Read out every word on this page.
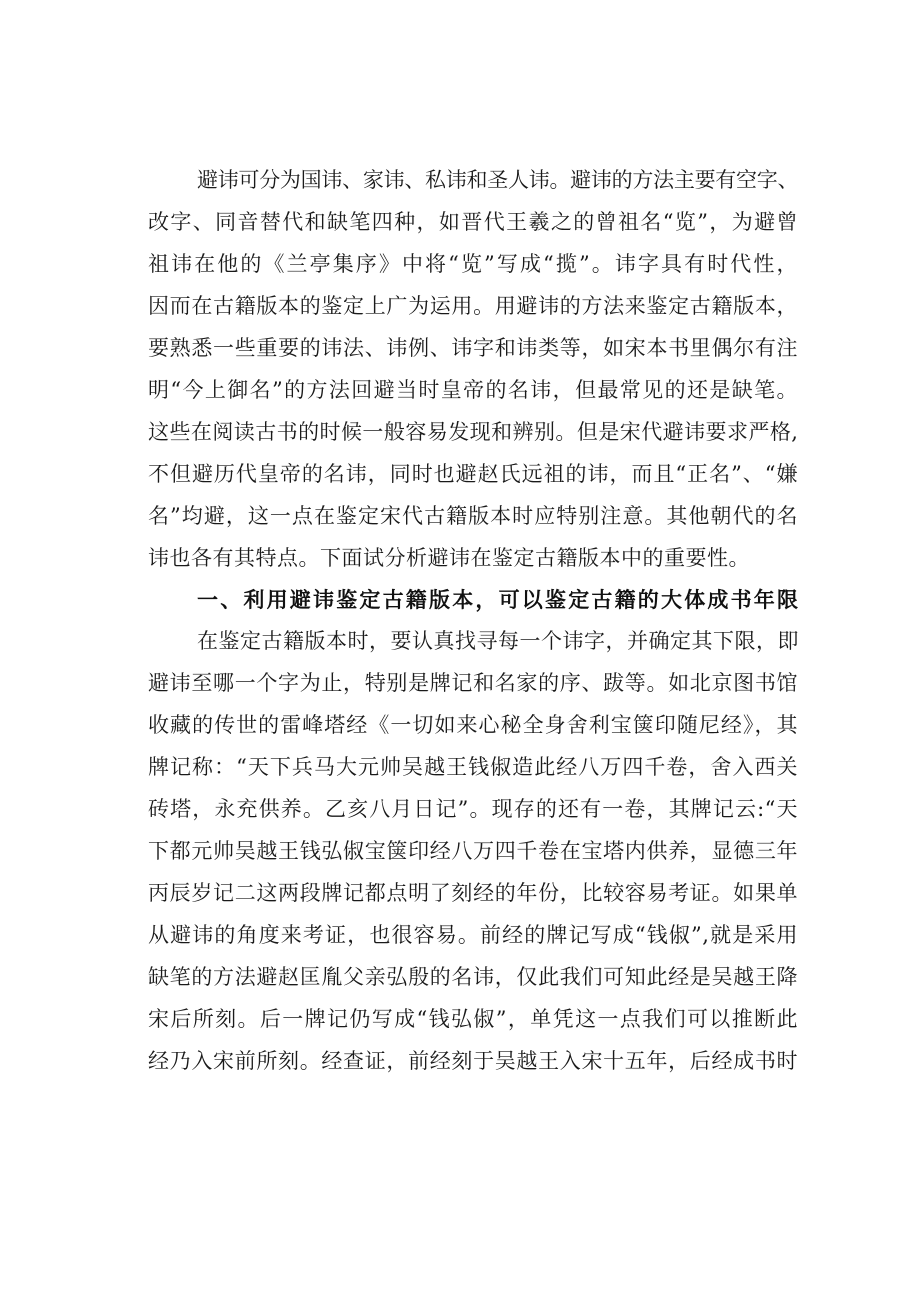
避讳可分为国讳、家讳、私讳和圣人讳。避讳的方法主要有空字、

改字、同音替代和缺笔四种，如晋代王羲之的曾祖名“览”，为避曾

祖讳在他的《兰亭集序》中将“览”写成“揽”。讳字具有时代性，

因而在古籍版本的鉴定上广为运用。用避讳的方法来鉴定古籍版本，

要熟悉一些重要的讳法、讳例、讳字和讳类等，如宋本书里偶尔有注

明“今上御名”的方法回避当时皇帝的名讳，但最常见的还是缺笔。

这些在阅读古书的时候一般容易发现和辨别。但是宋代避讳要求严格,

不但避历代皇帝的名讳，同时也避赵氏远祖的讳，而且“正名”、“嫌

名”均避，这一点在鉴定宋代古籍版本时应特别注意。其他朝代的名

讳也各有其特点。下面试分析避讳在鉴定古籍版本中的重要性。

一、利用避讳鉴定古籍版本，可以鉴定古籍的大体成书年限

在鉴定古籍版本时，要认真找寻每一个讳字，并确定其下限，即

避讳至哪一个字为止，特别是牌记和名家的序、跋等。如北京图书馆

收藏的传世的雷峰塔经《一切如来心秘全身舍利宝箧印随尼经》，其

牌记称：“天下兵马大元帅吴越王钱俶造此经八万四千卷，舍入西关

砖塔，永充供养。乙亥八月日记”。现存的还有一卷，其牌记云:“天

下都元帅吴越王钱弘俶宝箧印经八万四千卷在宝塔内供养，显德三年

丙辰岁记二这两段牌记都点明了刻经的年份，比较容易考证。如果单

从避讳的角度来考证，也很容易。前经的牌记写成“钱俶”,就是采用

缺笔的方法避赵匡胤父亲弘殷的名讳，仅此我们可知此经是吴越王降

宋后所刻。后一牌记仍写成“钱弘俶”，单凭这一点我们可以推断此

经乃入宋前所刻。经查证，前经刻于吴越王入宋十五年，后经成书时
